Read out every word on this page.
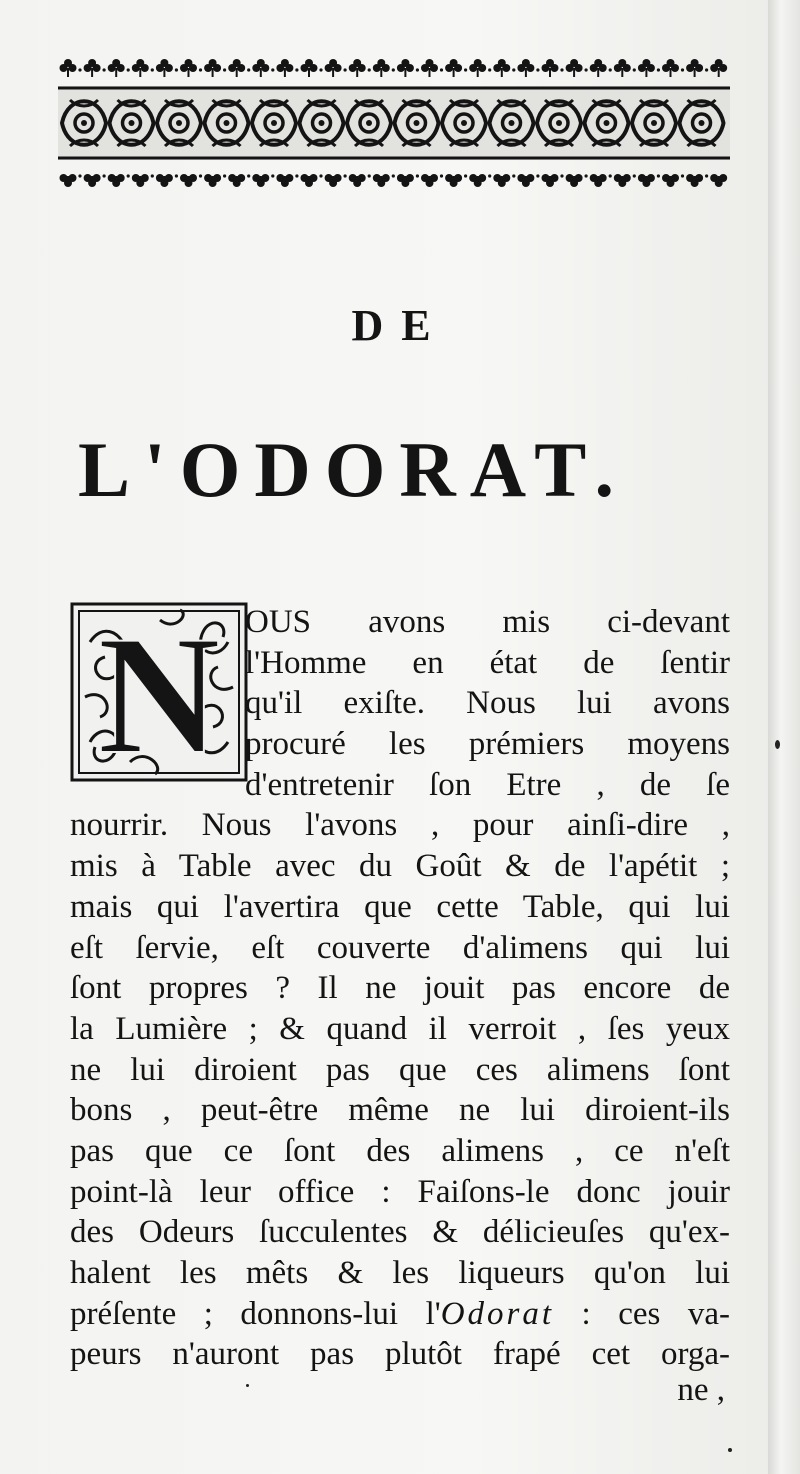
DE
L'ODORAT.
N OUS avons mis ci-devant
l'Homme en état de ſentir
qu'il exiſte. Nous lui avons
procuré les prémiers moyens
d'entretenir ſon Etre , de ſe
nourrir. Nous l'avons , pour ainſi-dire ,
mis à Table avec du Goût & de l'apétit ;
mais qui l'avertira que cette Table, qui lui
eſt ſervie, eſt couverte d'alimens qui lui
ſont propres ? Il ne jouit pas encore de
la Lumière ; & quand il verroit , ſes yeux
ne lui diroient pas que ces alimens ſont
bons , peut-être même ne lui diroient-ils
pas que ce ſont des alimens , ce n'eſt
point-là leur office : Faiſons-le donc jouir
des Odeurs ſucculentes & délicieuſes qu'ex-
halent les mêts & les liqueurs qu'on lui
préſente ; donnons-lui l'Odorat : ces va-
peurs n'auront pas plutôt frapé cet orga-

ne ,
